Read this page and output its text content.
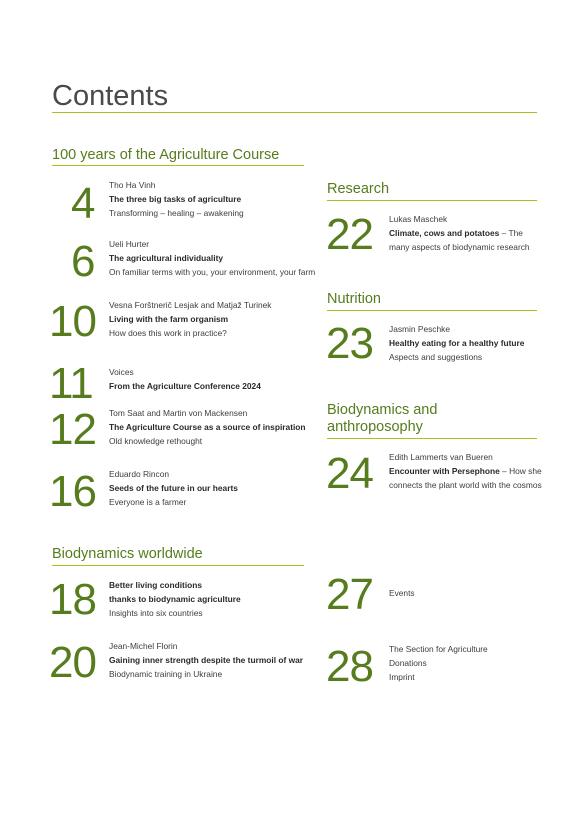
Contents
100 years of the Agriculture Course
4 Tho Ha Vinh
The three big tasks of agriculture
Transforming – healing – awakening
6 Ueli Hurter
The agricultural individuality
On familiar terms with you, your environment, your farm
10 Vesna Forštnerič Lesjak and Matjaž Turinek
Living with the farm organism
How does this work in practice?
11 Voices
From the Agriculture Conference 2024
12 Tom Saat and Martin von Mackensen
The Agriculture Course as a source of inspiration
Old knowledge rethought
16 Eduardo Rincon
Seeds of the future in our hearts
Everyone is a farmer
Biodynamics worldwide
18 Better living conditions
thanks to biodynamic agriculture
Insights into six countries
20 Jean-Michel Florin
Gaining inner strength despite the turmoil of war
Biodynamic training in Ukraine
Research
22 Lukas Maschek
Climate, cows and potatoes – The
many aspects of biodynamic research
Nutrition
23 Jasmin Peschke
Healthy eating for a healthy future
Aspects and suggestions
Biodynamics and
anthroposophy
24 Edith Lammerts van Bueren
Encounter with Persephone – How she
connects the plant world with the cosmos
27 Events
28 The Section for Agriculture
Donations
Imprint
